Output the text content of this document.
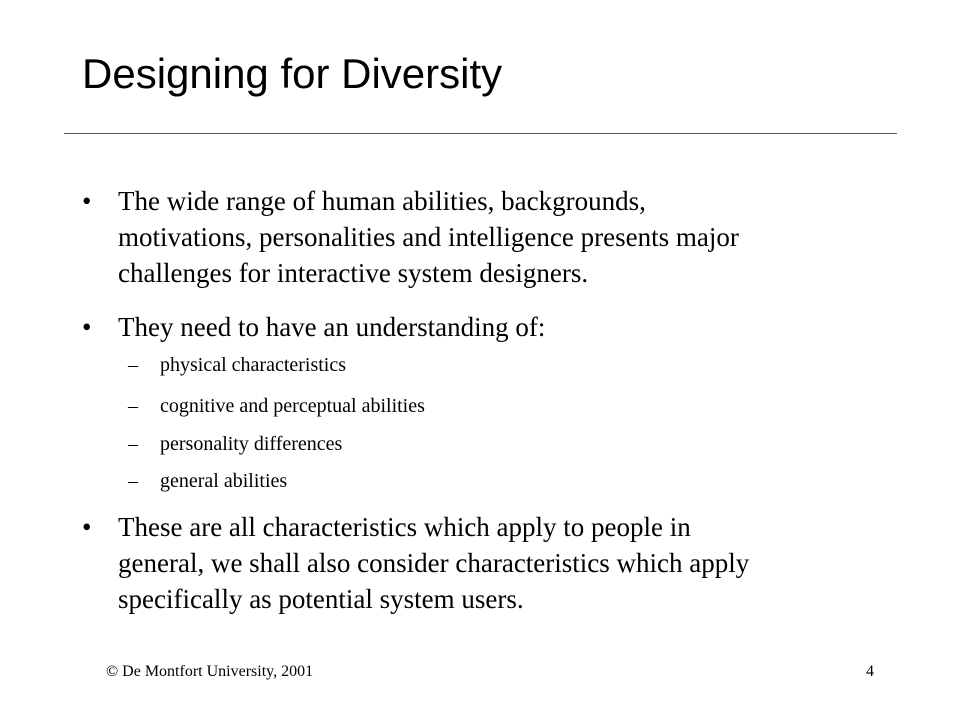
Designing for Diversity
• The wide range of human abilities, backgrounds,
motivations, personalities and intelligence presents major
challenges for interactive system designers.
• They need to have an understanding of:
– physical characteristics
– cognitive and perceptual abilities
– personality differences
– general abilities
• These are all characteristics which apply to people in
general, we shall also consider characteristics which apply
specifically as potential system users.
© De Montfort University, 2001	4
